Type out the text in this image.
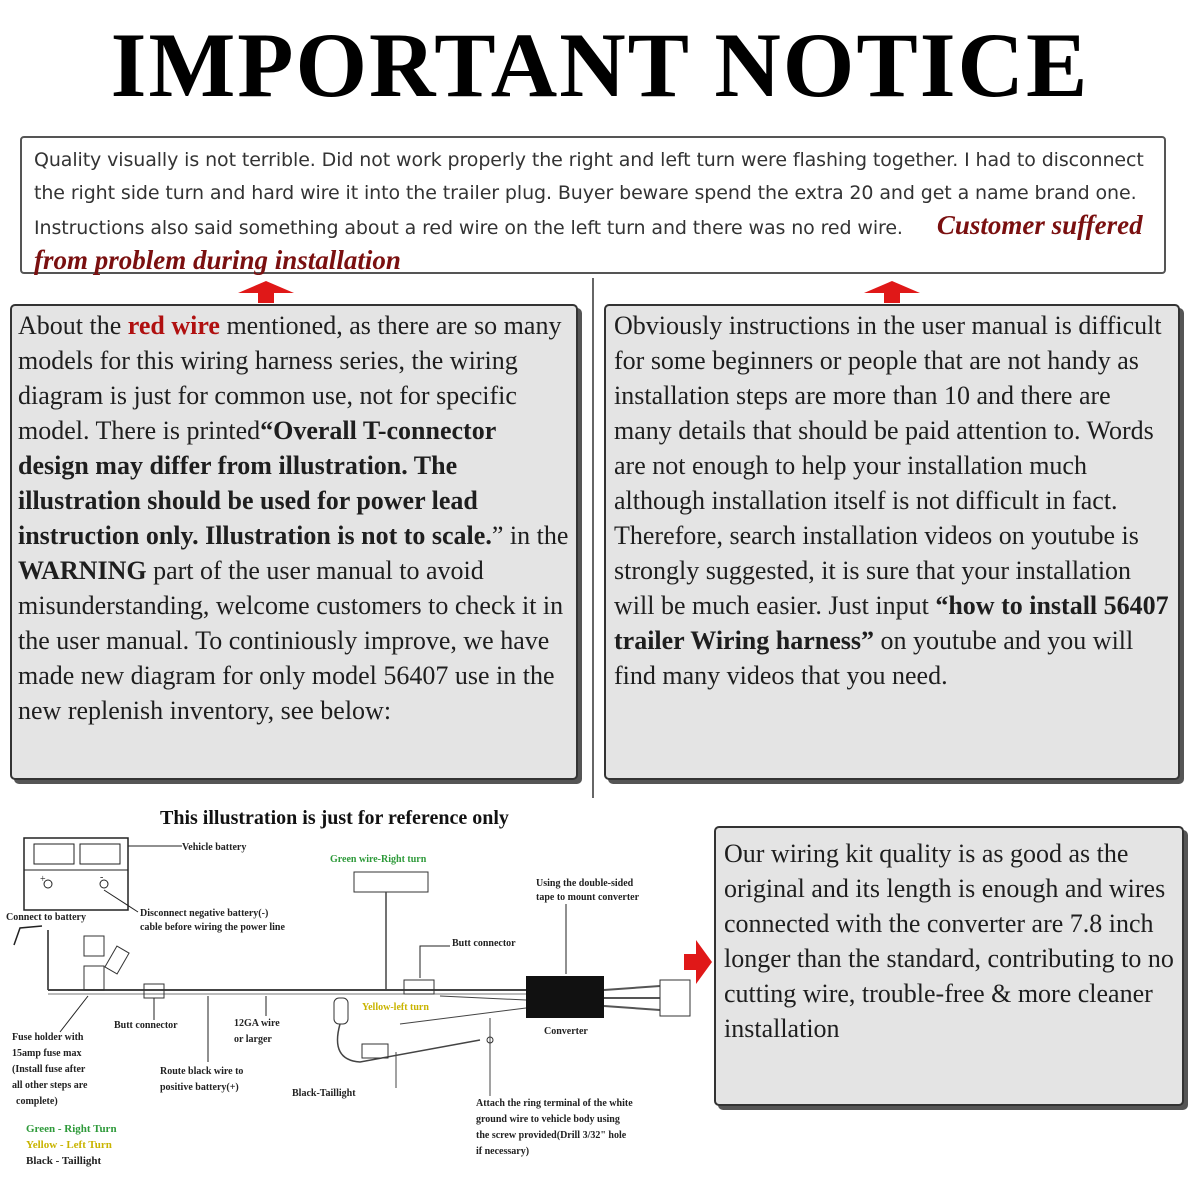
IMPORTANT NOTICE
Quality visually is not terrible. Did not work properly the right and left turn were flashing together. I had to disconnect the right side turn and hard wire it into the trailer plug. Buyer beware spend the extra 20 and get a name brand one. Instructions also said something about a red wire on the left turn and there was no red wire. Customer suffered from problem during installation
About the red wire mentioned, as there are so many models for this wiring harness series, the wiring diagram is just for common use, not for specific model. There is printed“Overall T-connector design may differ from illustration. The illustration should be used for power lead instruction only. Illustration is not to scale.” in the WARNING part of the user manual to avoid misunderstanding, welcome customers to check it in the user manual. To continiously improve, we have made new diagram for only model 56407 use in the new replenish inventory, see below:
Obviously instructions in the user manual is difficult for some beginners or people that are not handy as installation steps are more than 10 and there are many details that should be paid attention to. Words are not enough to help your installation much although installation itself is not difficult in fact.
Therefore, search installation videos on youtube is strongly suggested, it is sure that your installation will be much easier. Just input “how to install 56407 trailer Wiring harness” on youtube and you will find many videos that you need.
Our wiring kit quality is as good as the original and its length is enough and wires connected with the converter are 7.8 inch longer than the standard, contributing to no cutting wire, trouble-free & more cleaner installation
This illustration is just for reference only
+	-
Vehicle battery
Connect to battery	Disconnect negative battery(-)
cable before wiring the power line
Green wire-Right turn
Using the double-sided
tape to mount converter
Butt connector
Converter
Yellow-left turn
Black-Taillight
Fuse holder with
15amp fuse max
(Install fuse after
all other steps are
complete)
Butt connector	12GA wire
or larger
Route black wire to
positive battery(+)
Attach the ring terminal of the white
ground wire to vehicle body using
the screw provided(Drill 3/32" hole
if necessary)
Green - Right Turn
Yellow - Left Turn
Black - Taillight
